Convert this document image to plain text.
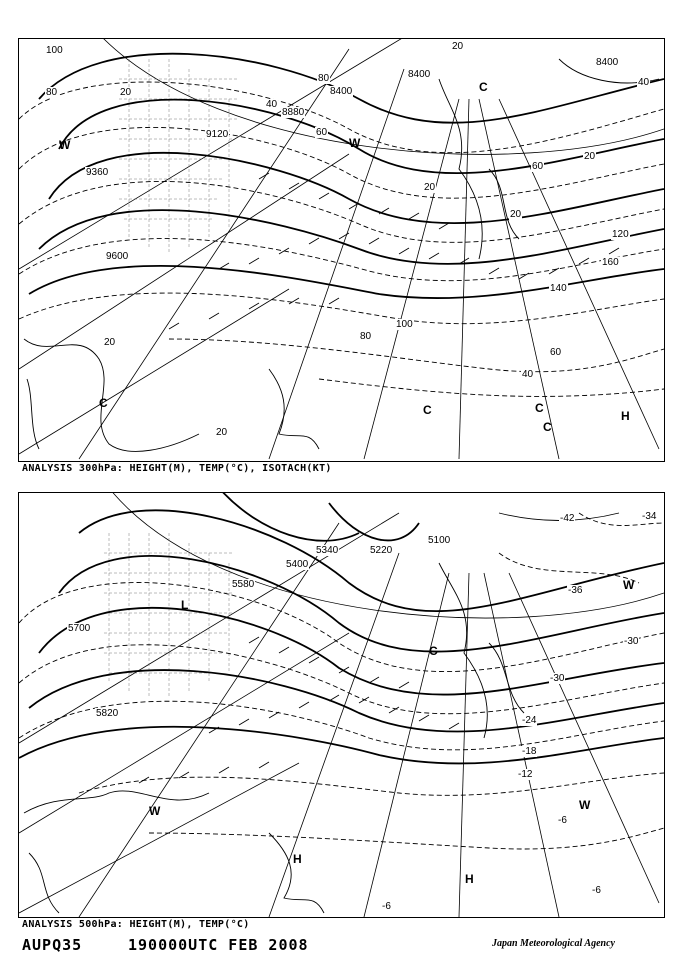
8400
8400
8400
8880
9120
9360
9600
20
20
20
20
20
20
20
40
40
40
60
60
60
80
80
80
100
100
120
140
160
W	W
C
C	C	C
C
H
ANALYSIS 300hPa: HEIGHT(M), TEMP(°C), ISOTACH(KT)
5100
5220
5340
5400
5580
5700
5820
-42	-34
-36
-30
-30
-24
-18
-12
-6
-6
-6
L
C
W
W	W
H
H
ANALYSIS 500hPa: HEIGHT(M), TEMP(°C)
AUPQ35	190000UTC FEB 2008	Japan Meteorological Agency
